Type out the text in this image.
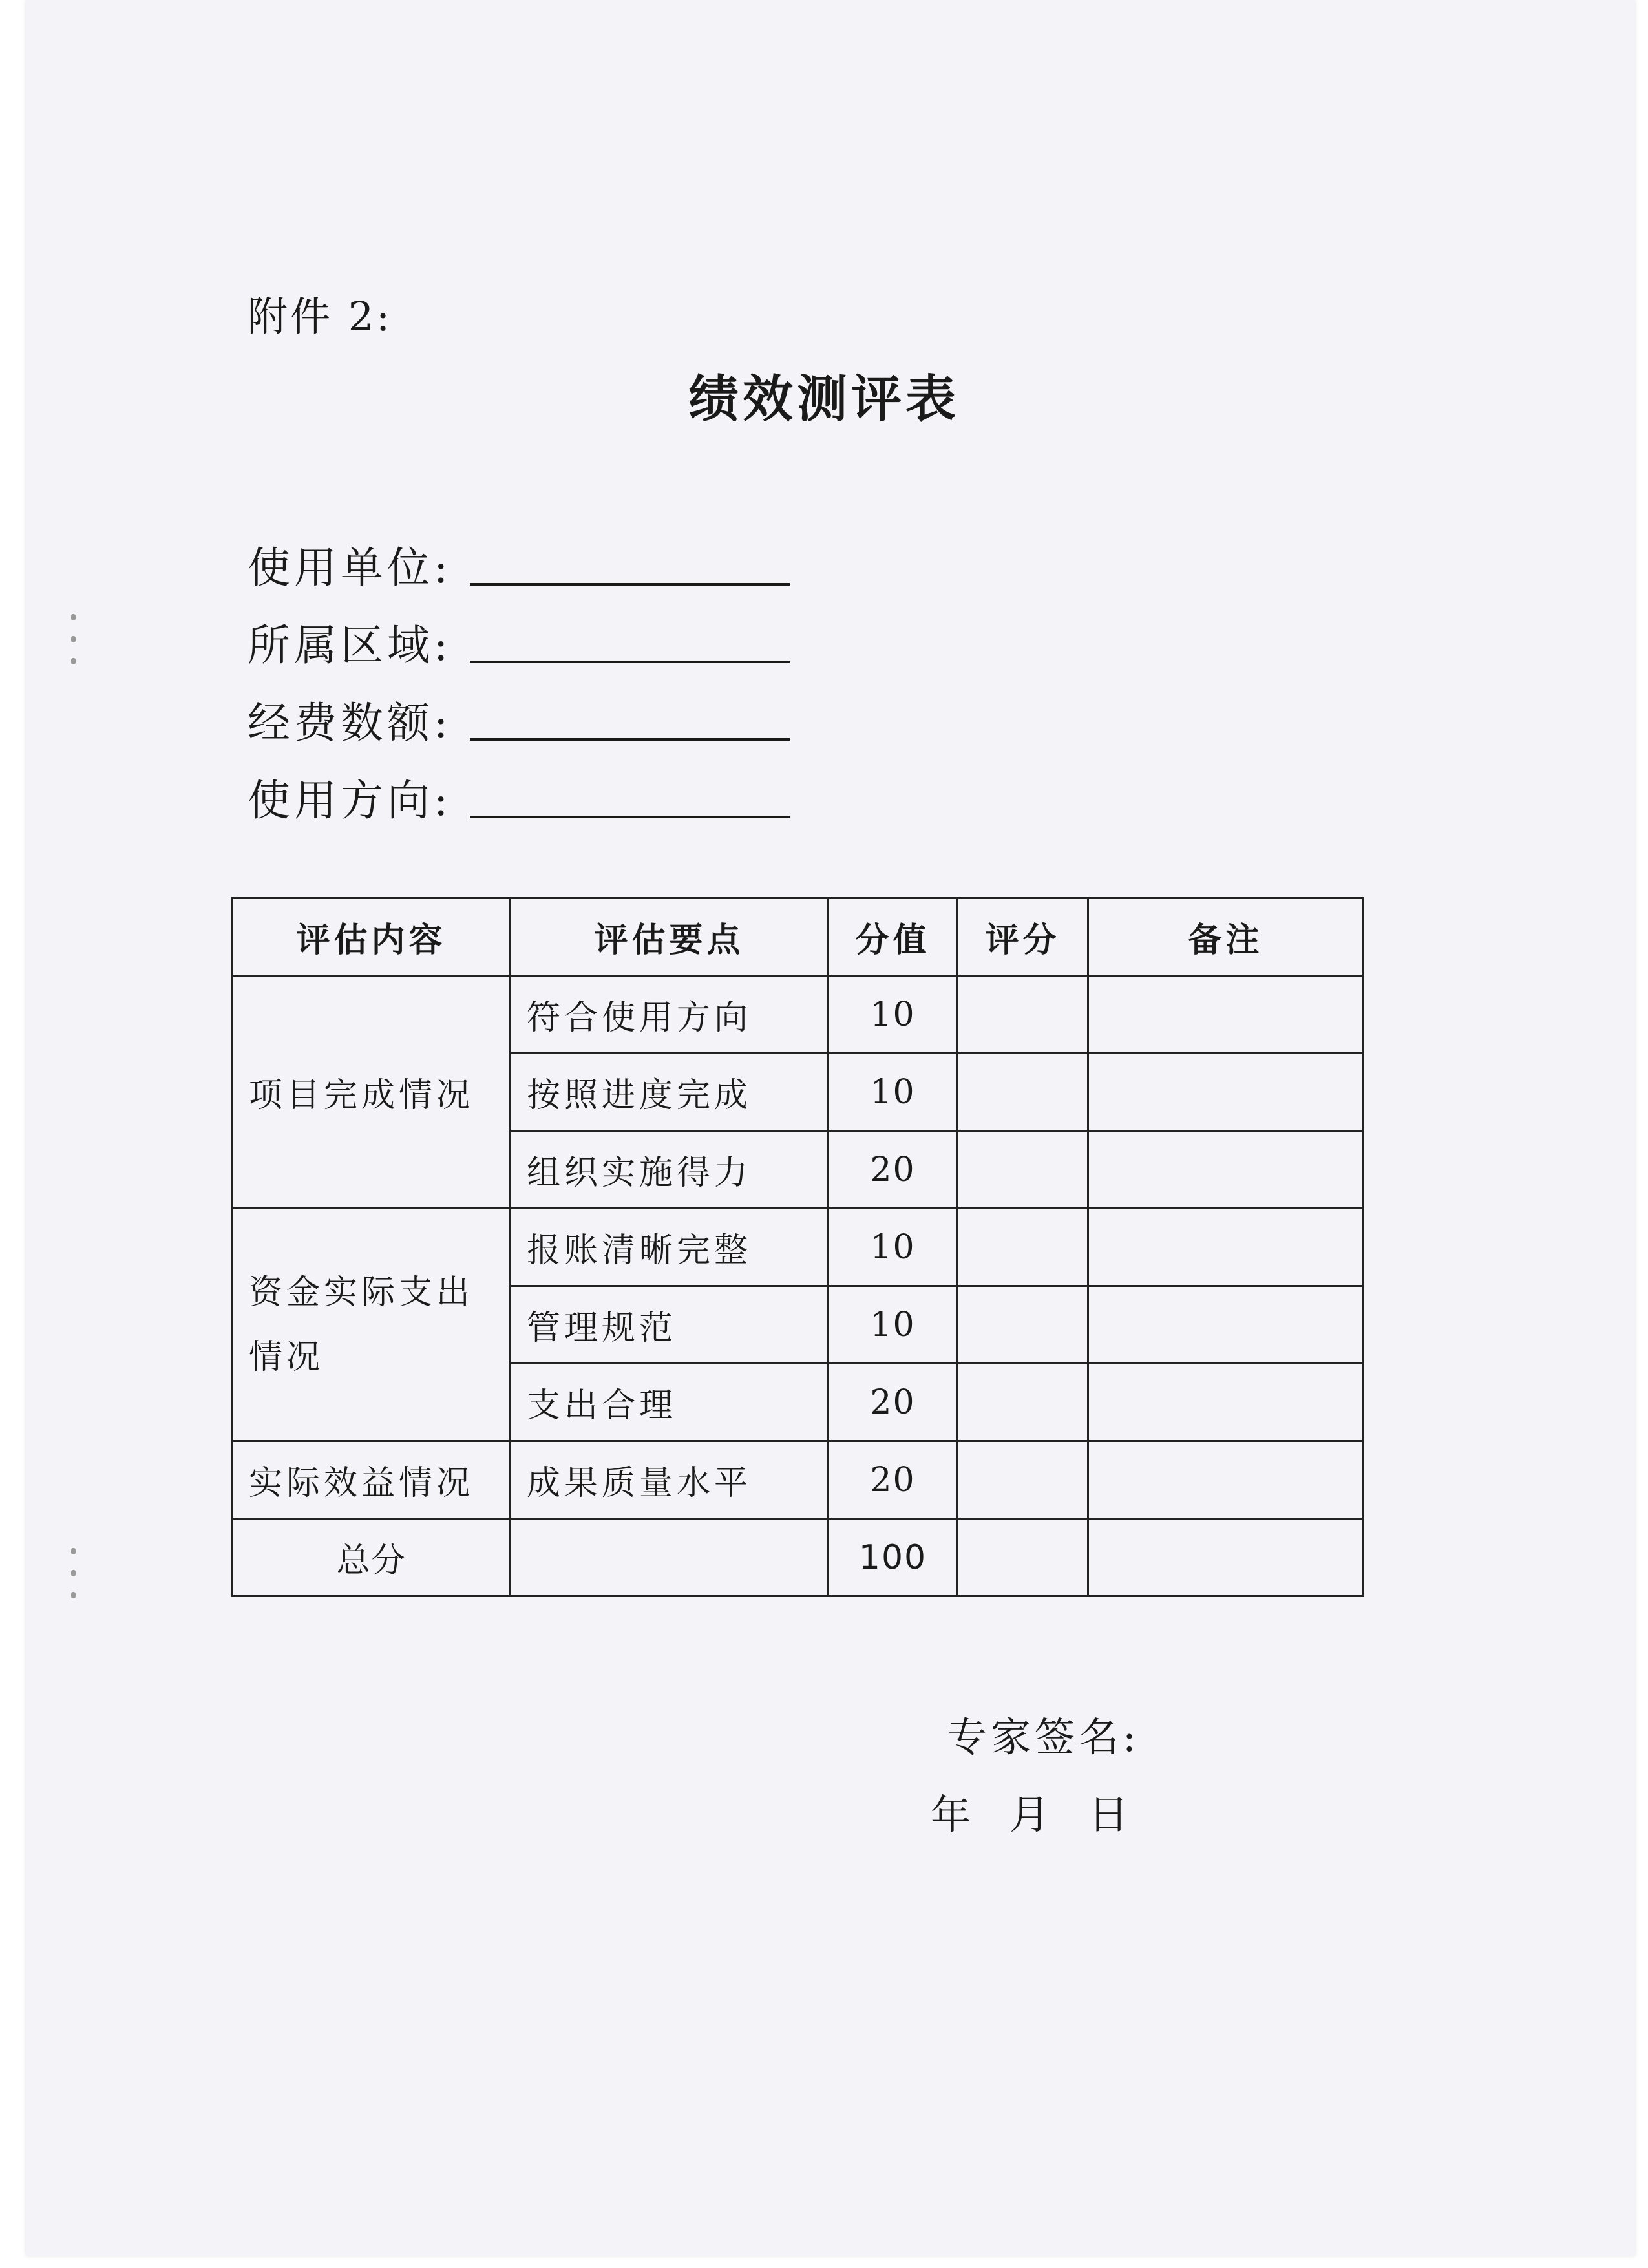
附件 2:
绩效测评表
使用单位:
所属区域:
经费数额:
使用方向:
评估内容	评估要点	分值	评分	备注
项目完成情况	符合使用方向	10		
	按照进度完成	10		
	组织实施得力	20		
资金实际支出情况	报账清晰完整	10		
	管理规范	10		
	支出合理	20		
实际效益情况	成果质量水平	20		
总分		100		
专家签名:
年 月 日
